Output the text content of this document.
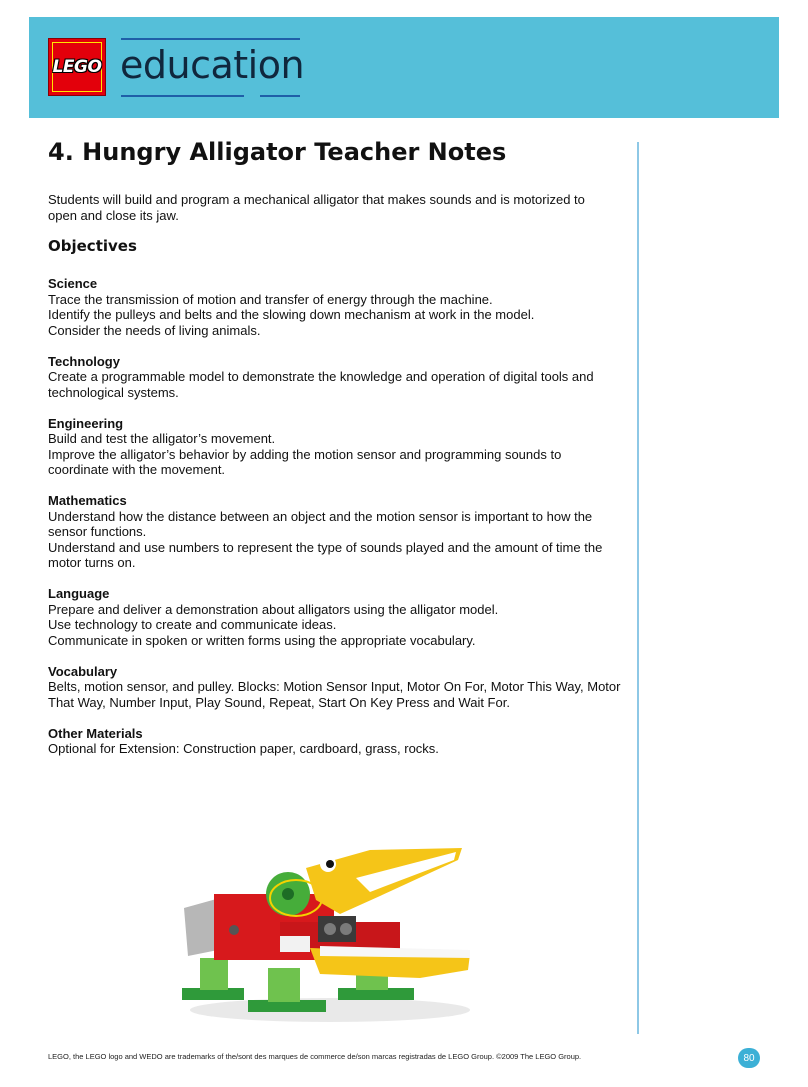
LEGO education
4. Hungry Alligator Teacher Notes

Students will build and program a mechanical alligator that makes sounds and is motorized to
open and close its jaw.

Objectives
Science
Trace the transmission of motion and transfer of energy through the machine.
Identify the pulleys and belts and the slowing down mechanism at work in the model.
Consider the needs of living animals.
Technology
Create a programmable model to demonstrate the knowledge and operation of digital tools and
technological systems.
Engineering
Build and test the alligator’s movement.
Improve the alligator’s behavior by adding the motion sensor and programming sounds to
coordinate with the movement.
Mathematics
Understand how the distance between an object and the motion sensor is important to how the
sensor functions.
Understand and use numbers to represent the type of sounds played and the amount of time the
motor turns on.
Language
Prepare and deliver a demonstration about alligators using the alligator model.
Use technology to create and communicate ideas.
Communicate in spoken or written forms using the appropriate vocabulary.
Vocabulary
Belts, motion sensor, and pulley. Blocks: Motion Sensor Input, Motor On For, Motor This Way, Motor
That Way, Number Input, Play Sound, Repeat, Start On Key Press and Wait For.
Other Materials
Optional for Extension: Construction paper, cardboard, grass, rocks.
LEGO, the LEGO logo and WEDO are trademarks of the/sont des marques de commerce de/son marcas registradas de LEGO Group. ©2009 The LEGO Group.	80
